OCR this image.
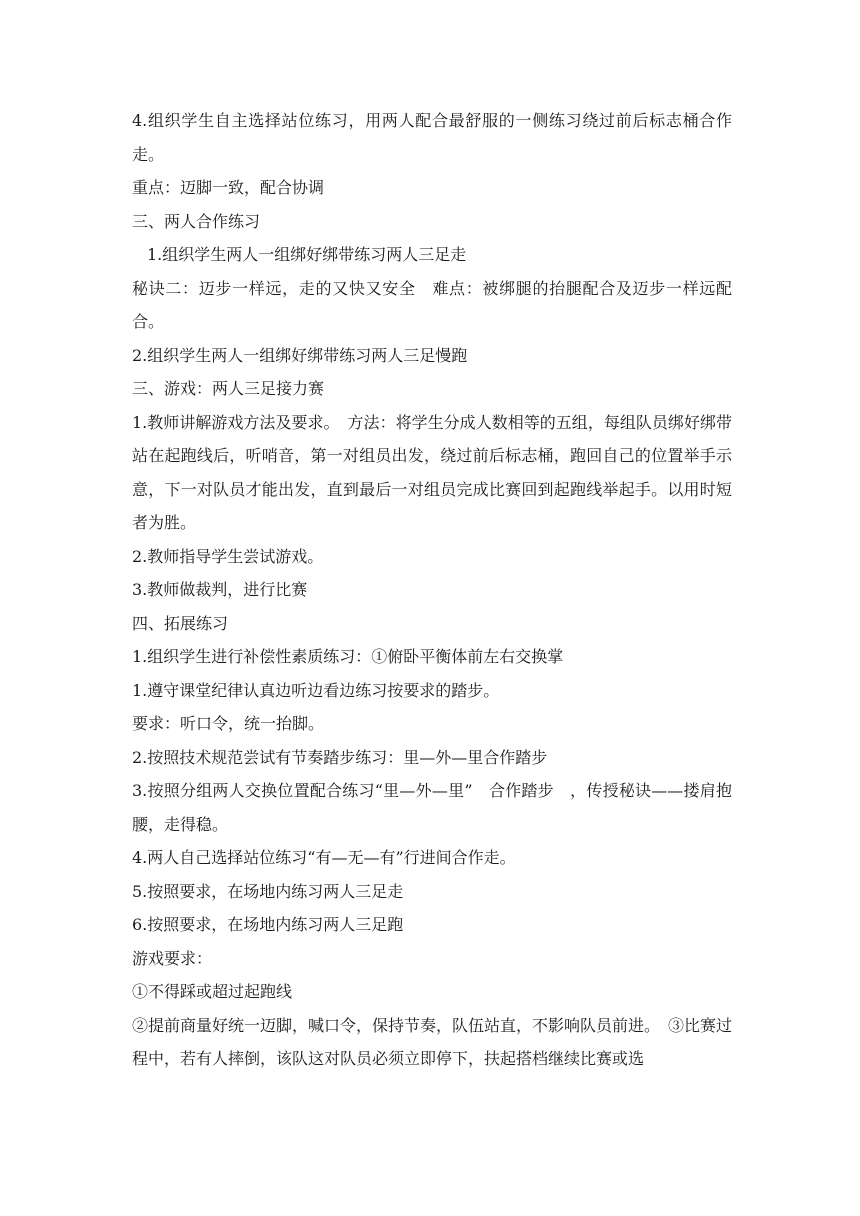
4.组织学生自主选择站位练习，用两人配合最舒服的一侧练习绕过前后标志桶合作走。

重点：迈脚一致，配合协调

三、两人合作练习

1.组织学生两人一组绑好绑带练习两人三足走

秘诀二：迈步一样远，走的又快又安全　难点：被绑腿的抬腿配合及迈步一样远配合。

2.组织学生两人一组绑好绑带练习两人三足慢跑

三、游戏：两人三足接力赛

1.教师讲解游戏方法及要求。　方法：将学生分成人数相等的五组，每组队员绑好绑带站在起跑线后，听哨音，第一对组员出发，绕过前后标志桶，跑回自己的位置举手示意，下一对队员才能出发，直到最后一对组员完成比赛回到起跑线举起手。以用时短者为胜。

2.教师指导学生尝试游戏。

3.教师做裁判，进行比赛

四、拓展练习

1.组织学生进行补偿性素质练习：①俯卧平衡体前左右交换掌

1.遵守课堂纪律认真边听边看边练习按要求的踏步。

要求：听口令，统一抬脚。

2.按照技术规范尝试有节奏踏步练习：里—外—里合作踏步

3.按照分组两人交换位置配合练习“里—外—里”　合作踏步　，传授秘诀——搂肩抱腰，走得稳。

4.两人自己选择站位练习“有—无—有”行进间合作走。

5.按照要求，在场地内练习两人三足走

6.按照要求，在场地内练习两人三足跑

游戏要求：

①不得踩或超过起跑线

②提前商量好统一迈脚，喊口令，保持节奏，队伍站直，不影响队员前进。　③比赛过程中，若有人摔倒，该队这对队员必须立即停下，扶起搭档继续比赛或选
